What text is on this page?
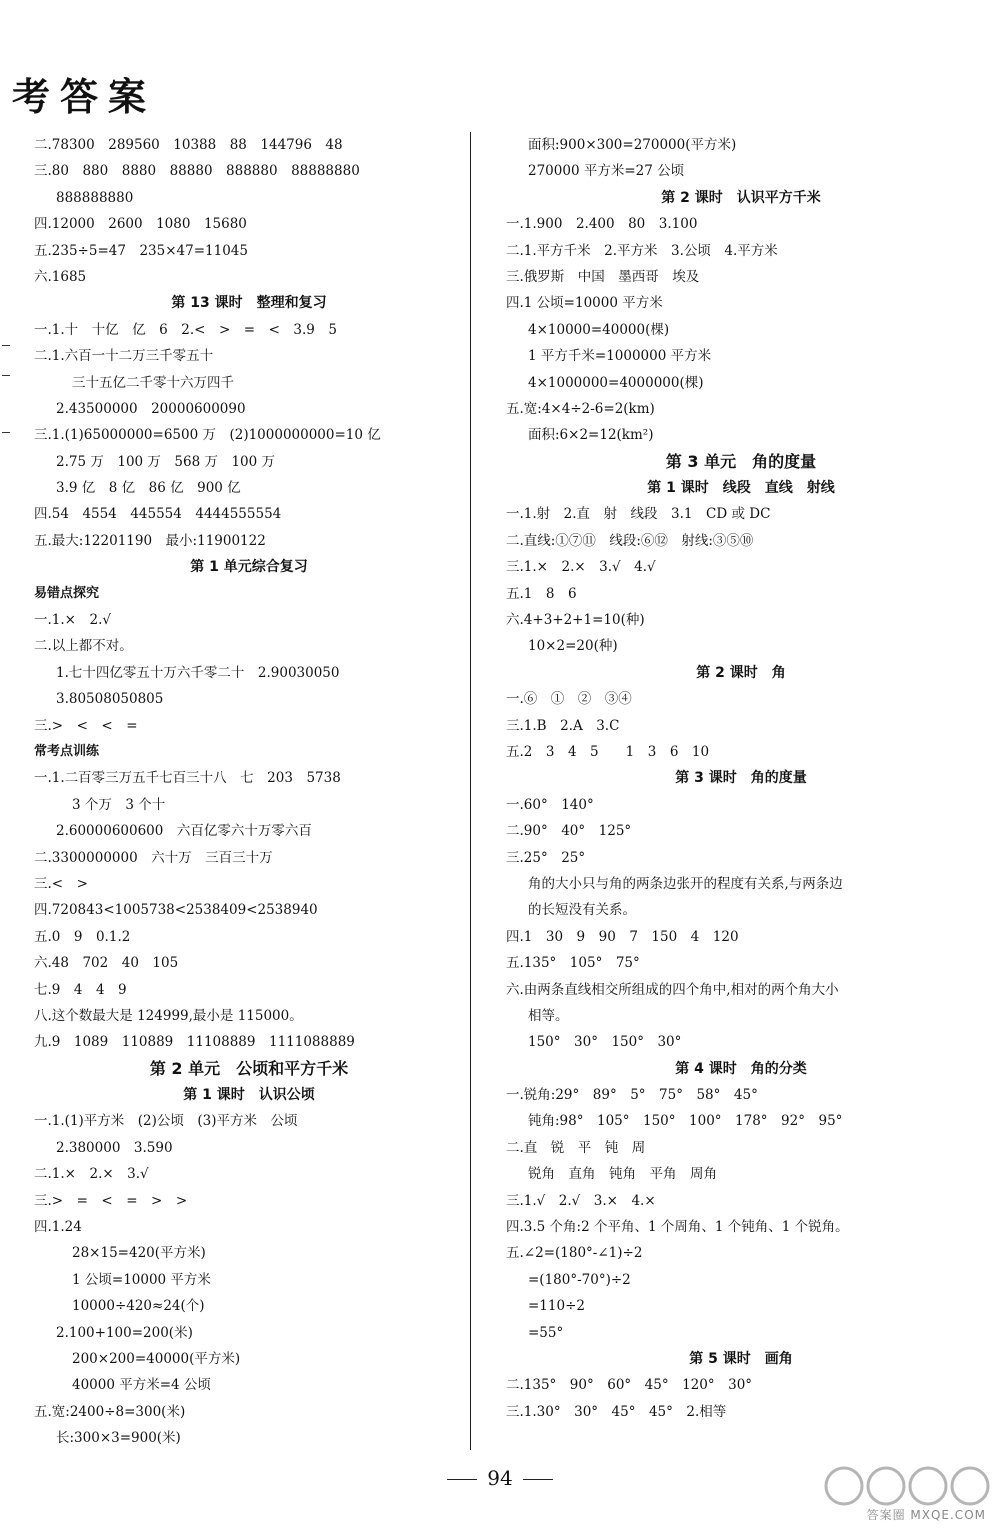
考答案
二.78300　289560　10388　88　144796　48
三.80　880　8880　88880　888880　88888880
888888880
四.12000　2600　1080　15680
五.235÷5=47　235×47=11045
六.1685
第 13 课时　整理和复习
一.1.十　十亿　亿　6　2.<　>　=　<　3.9　5
二.1.六百一十二万三千零五十
三十五亿二千零十六万四千
2.43500000　20000600090
三.1.(1)65000000=6500 万　(2)1000000000=10 亿
2.75 万　100 万　568 万　100 万
3.9 亿　8 亿　86 亿　900 亿
四.54　4554　445554　4444555554
五.最大:12201190　最小:11900122
第 1 单元综合复习
易错点探究
一.1.×　2.√
二.以上都不对。
1.七十四亿零五十万六千零二十　2.90030050
3.80508050805
三.>　<　<　=
常考点训练
一.1.二百零三万五千七百三十八　七　203　5738
3 个万　3 个十
2.60000600600　六百亿零六十万零六百
二.3300000000　六十万　三百三十万
三.<　>
四.720843<1005738<2538409<2538940
五.0　9　0.1.2
六.48　702　40　105
七.9　4　4　9
八.这个数最大是 124999,最小是 115000。
九.9　1089　110889　11108889　1111088889
第 2 单元　公顷和平方千米
第 1 课时　认识公顷
一.1.(1)平方米　(2)公顷　(3)平方米　公顷
2.380000　3.590
二.1.×　2.×　3.√
三.>　=　<　=　>　>
四.1.24
28×15=420(平方米)
1 公顷=10000 平方米
10000÷420≈24(个)
2.100+100=200(米)
200×200=40000(平方米)
40000 平方米=4 公顷
五.宽:2400÷8=300(米)
长:300×3=900(米)
面积:900×300=270000(平方米)
270000 平方米=27 公顷
第 2 课时　认识平方千米
一.1.900　2.400　80　3.100
二.1.平方千米　2.平方米　3.公顷　4.平方米
三.俄罗斯　中国　墨西哥　埃及
四.1 公顷=10000 平方米
4×10000=40000(棵)
1 平方千米=1000000 平方米
4×1000000=4000000(棵)
五.宽:4×4÷2-6=2(km)
面积:6×2=12(km²)
第 3 单元　角的度量
第 1 课时　线段　直线　射线
一.1.射　2.直　射　线段　3.1　CD 或 DC
二.直线:①⑦⑪　线段:⑥⑫　射线:③⑤⑩
三.1.×　2.×　3.√　4.√
五.1　8　6
六.4+3+2+1=10(种)
10×2=20(种)
第 2 课时　角
一.⑥　①　②　③④
三.1.B　2.A　3.C
五.2　3　4　5　　1　3　6　10
第 3 课时　角的度量
一.60°　140°
二.90°　40°　125°
三.25°　25°
角的大小只与角的两条边张开的程度有关系,与两条边
的长短没有关系。
四.1　30　9　90　7　150　4　120
五.135°　105°　75°
六.由两条直线相交所组成的四个角中,相对的两个角大小
相等。
150°　30°　150°　30°
第 4 课时　角的分类
一.锐角:29°　89°　5°　75°　58°　45°
钝角:98°　105°　150°　100°　178°　92°　95°
二.直　锐　平　钝　周
锐角　直角　钝角　平角　周角
三.1.√　2.√　3.×　4.×
四.3.5 个角:2 个平角、1 个周角、1 个钝角、1 个锐角。
五.∠2=(180°-∠1)÷2
=(180°-70°)÷2
=110÷2
=55°
第 5 课时　画角
二.135°　90°　60°　45°　120°　30°
三.1.30°　30°　45°　45°　2.相等
94
答案圈 MXQE.COM
